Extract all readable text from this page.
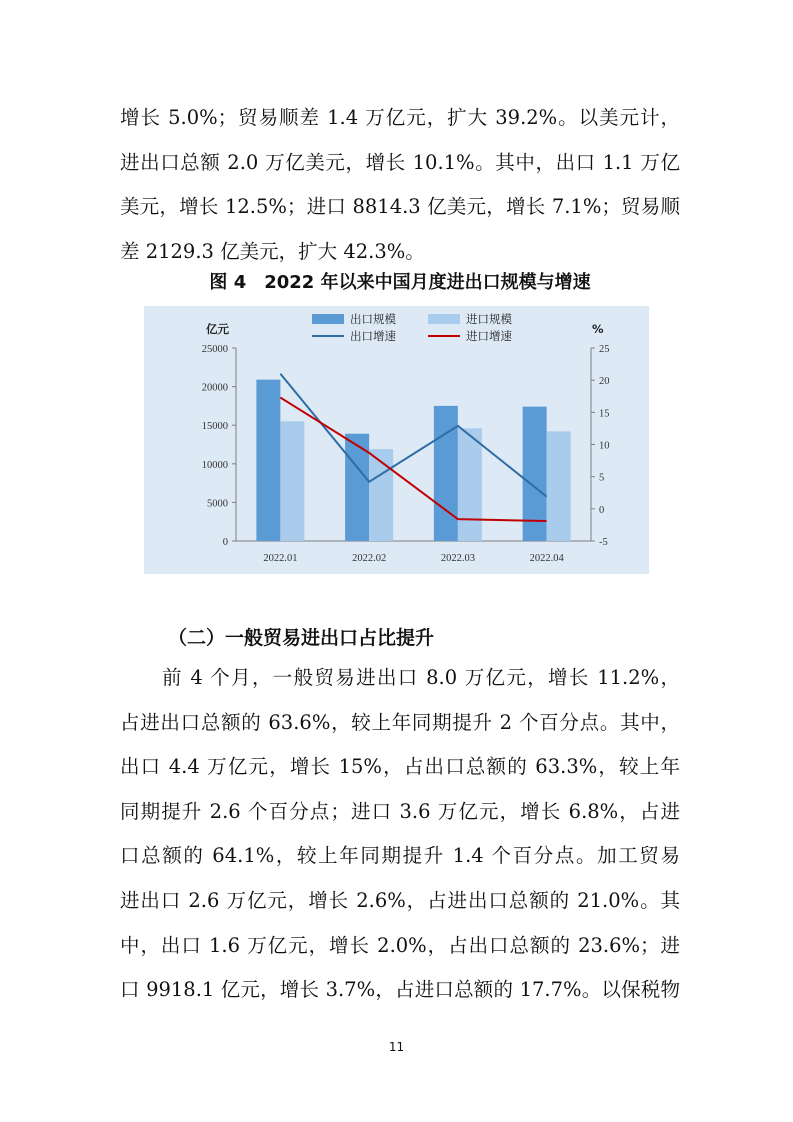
增长 5.0%；贸易顺差 1.4 万亿元，扩大 39.2%。以美元计，
进出口总额 2.0 万亿美元，增长 10.1%。其中，出口 1.1 万亿
美元，增长 12.5%；进口 8814.3 亿美元，增长 7.1%；贸易顺
差 2129.3 亿美元，扩大 42.3%。
图 4　2022 年以来中国月度进出口规模与增速
0
5000
10000
15000
20000
25000
-5
0
5
10
15
20
25
亿元	%
2022.01	2022.02	2022.03	2022.04
出口规模	进口规模
出口增速	进口增速
（二）一般贸易进出口占比提升
前 4 个月，一般贸易进出口 8.0 万亿元，增长 11.2%，
占进出口总额的 63.6%，较上年同期提升 2 个百分点。其中，
出口 4.4 万亿元，增长 15%，占出口总额的 63.3%，较上年
同期提升 2.6 个百分点；进口 3.6 万亿元，增长 6.8%，占进
口总额的 64.1%，较上年同期提升 1.4 个百分点。加工贸易
进出口 2.6 万亿元，增长 2.6%，占进出口总额的 21.0%。其
中，出口 1.6 万亿元，增长 2.0%，占出口总额的 23.6%；进
口 9918.1 亿元，增长 3.7%，占进口总额的 17.7%。以保税物
11
